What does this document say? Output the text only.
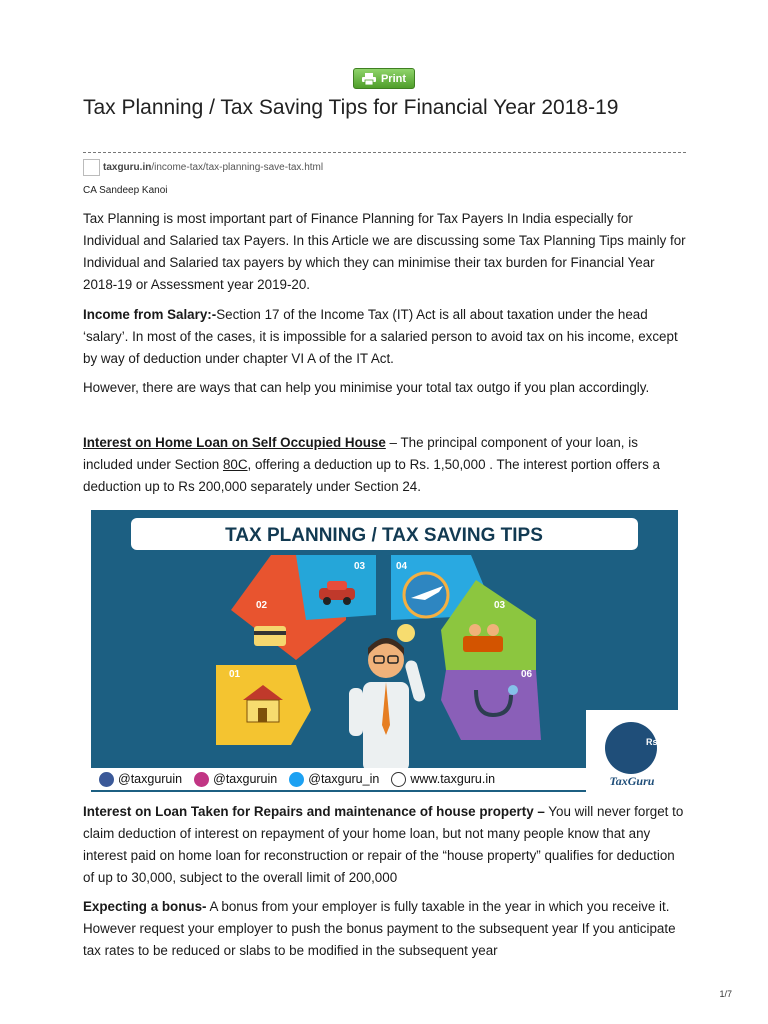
Print
Tax Planning / Tax Saving Tips for Financial Year 2018-19
taxguru.in /income-tax/tax-planning-save-tax.html
CA Sandeep Kanoi

Tax Planning is most important part of Finance Planning for Tax Payers In India especially for Individual and Salaried tax Payers. In this Article we are discussing some Tax Planning Tips mainly for Individual and Salaried tax payers by which they can minimise their tax burden for Financial Year 2018-19 or Assessment year 2019-20.

Income from Salary:-Section 17 of the Income Tax (IT) Act is all about taxation under the head ‘salary’. In most of the cases, it is impossible for a salaried person to avoid tax on his income, except by way of deduction under chapter VI A of the IT Act.

However, there are ways that can help you minimise your total tax outgo if you plan accordingly.

Interest on Home Loan on Self Occupied House – The principal component of your loan, is included under Section 80C, offering a deduction up to Rs. 1,50,000 . The interest portion offers a deduction up to Rs 200,000 separately under Section 24.

TAX PLANNING / TAX SAVING TIPS
03	04
02	03
01	06
Rs
TaxGuru
@taxguruin @taxguruin @taxguru_in www.taxguru.in

Interest on Loan Taken for Repairs and maintenance of house property – You will never forget to claim deduction of interest on repayment of your home loan, but not many people know that any interest paid on home loan for reconstruction or repair of the “house property” qualifies for deduction of up to 30,000, subject to the overall limit of 200,000

Expecting a bonus- A bonus from your employer is fully taxable in the year in which you receive it. However request your employer to push the bonus payment to the subsequent year If you anticipate tax rates to be reduced or slabs to be modified in the subsequent year

1/7
